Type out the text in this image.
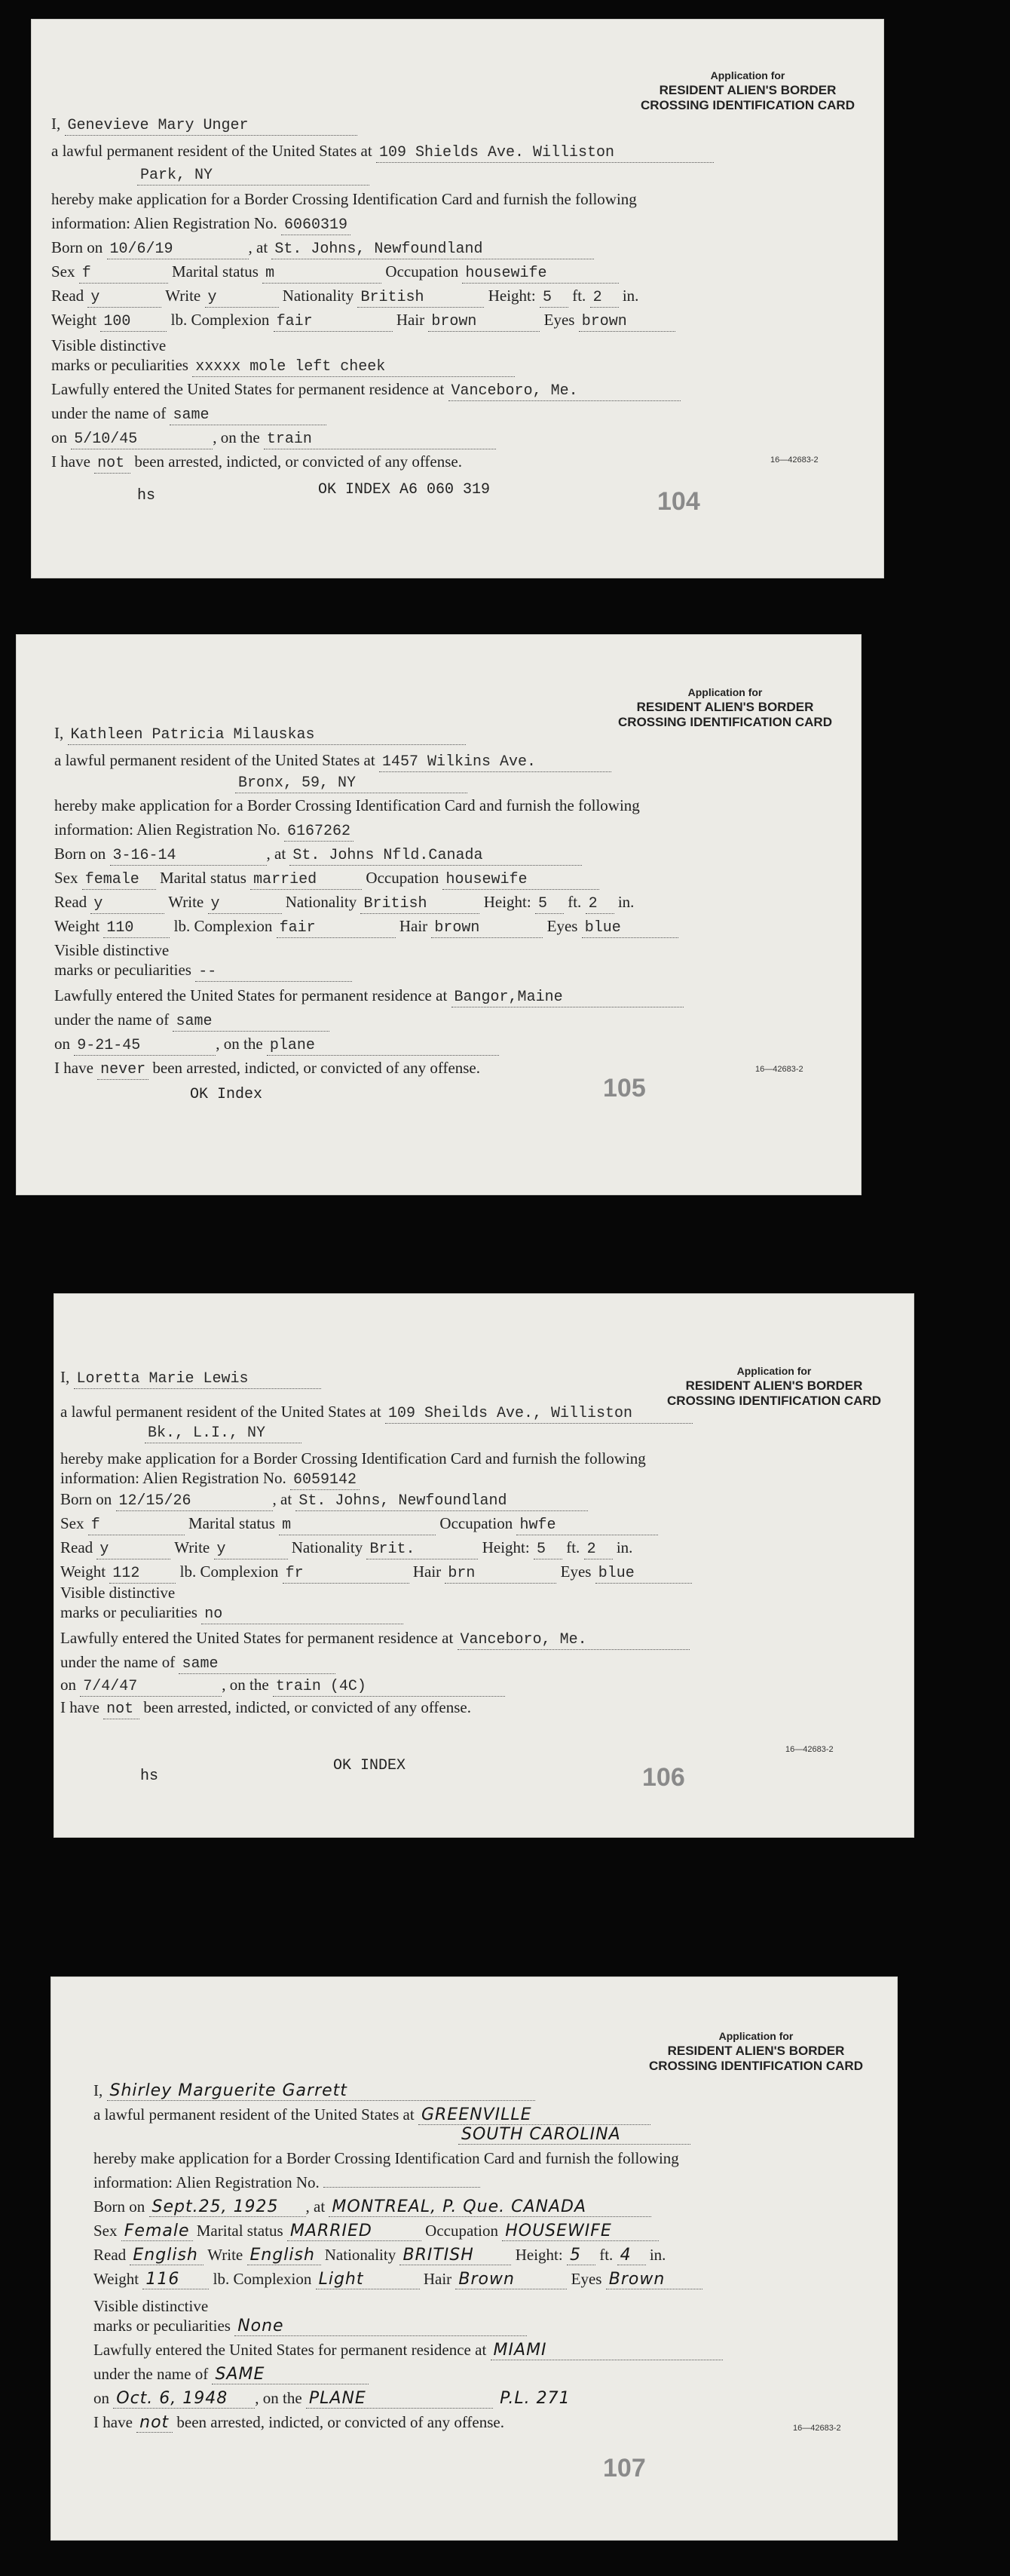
Application for
RESIDENT ALIEN'S BORDER
CROSSING IDENTIFICATION CARD
I, Genevieve Mary Unger
a lawful permanent resident of the United States at 109 Shields Ave. Williston
Park, NY
hereby make application for a Border Crossing Identification Card and furnish the following
information: Alien Registration No. 6060319
Born on 10/6/19	, at St. Johns, Newfoundland
Sex f	Marital status m	Occupation housewife
Read y	Write y	Nationality British	Height: 5 ft. 2 in.
Weight 100	lb. Complexion fair	Hair brown	Eyes brown
Visible distinctive
marks or peculiarities xxxxx mole left cheek
Lawfully entered the United States for permanent residence at Vanceboro, Me.
under the name of same
on 5/10/45	, on the train
I have not been arrested, indicted, or convicted of any offense.	16—42683-2
hs	OK INDEX A6 060 319	104
Application for
RESIDENT ALIEN'S BORDER
CROSSING IDENTIFICATION CARD
I, Kathleen Patricia Milauskas
a lawful permanent resident of the United States at 1457 Wilkins Ave.
Bronx, 59, NY
hereby make application for a Border Crossing Identification Card and furnish the following
information: Alien Registration No. 6167262
Born on 3-16-14	, at St. Johns Nfld.Canada
Sex female Marital status married	Occupation housewife
Read y	Write y	Nationality British	Height: 5 ft. 2 in.
Weight 110	lb. Complexion fair	Hair brown	Eyes blue
Visible distinctive
marks or peculiarities --
Lawfully entered the United States for permanent residence at Bangor,Maine
under the name of same
on 9-21-45	, on the plane
I have never been arrested, indicted, or convicted of any offense.	16—42683-2
OK Index	105
Application for
RESIDENT ALIEN'S BORDER
CROSSING IDENTIFICATION CARD
I, Loretta Marie Lewis
a lawful permanent resident of the United States at 109 Sheilds Ave., Williston
Bk., L.I., NY
hereby make application for a Border Crossing Identification Card and furnish the following
information: Alien Registration No. 6059142
Born on 12/15/26	, at St. Johns, Newfoundland
Sex f	Marital status m	Occupation hwfe
Read y	Write y	Nationality Brit.	Height: 5 ft. 2 in.
Weight 112	lb. Complexion fr	Hair brn	Eyes blue
Visible distinctive
marks or peculiarities no
Lawfully entered the United States for permanent residence at Vanceboro, Me.
under the name of same
on 7/4/47	, on the train (4C)
I have not been arrested, indicted, or convicted of any offense.
16—42683-2
hs
OK INDEX	106
Application for
RESIDENT ALIEN'S BORDER
CROSSING IDENTIFICATION CARD
I, Shirley Marguerite Garrett
a lawful permanent resident of the United States at GREENVILLE
SOUTH CAROLINA
hereby make application for a Border Crossing Identification Card and furnish the following
information: Alien Registration No.
Born on Sept.25, 1925 , at MONTREAL, P. Que. CANADA
Sex Female Marital status MARRIED	Occupation HOUSEWIFE
Read English Write English Nationality BRITISH	Height: 5 ft. 4 in.
Weight 116 lb. Complexion Light	Hair Brown	Eyes Brown
Visible distinctive
marks or peculiarities None
Lawfully entered the United States for permanent residence at MIAMI
under the name of SAME
on Oct. 6, 1948 , on the PLANE	P.L. 271
I have not been arrested, indicted, or convicted of any offense.	16—42683-2
107
